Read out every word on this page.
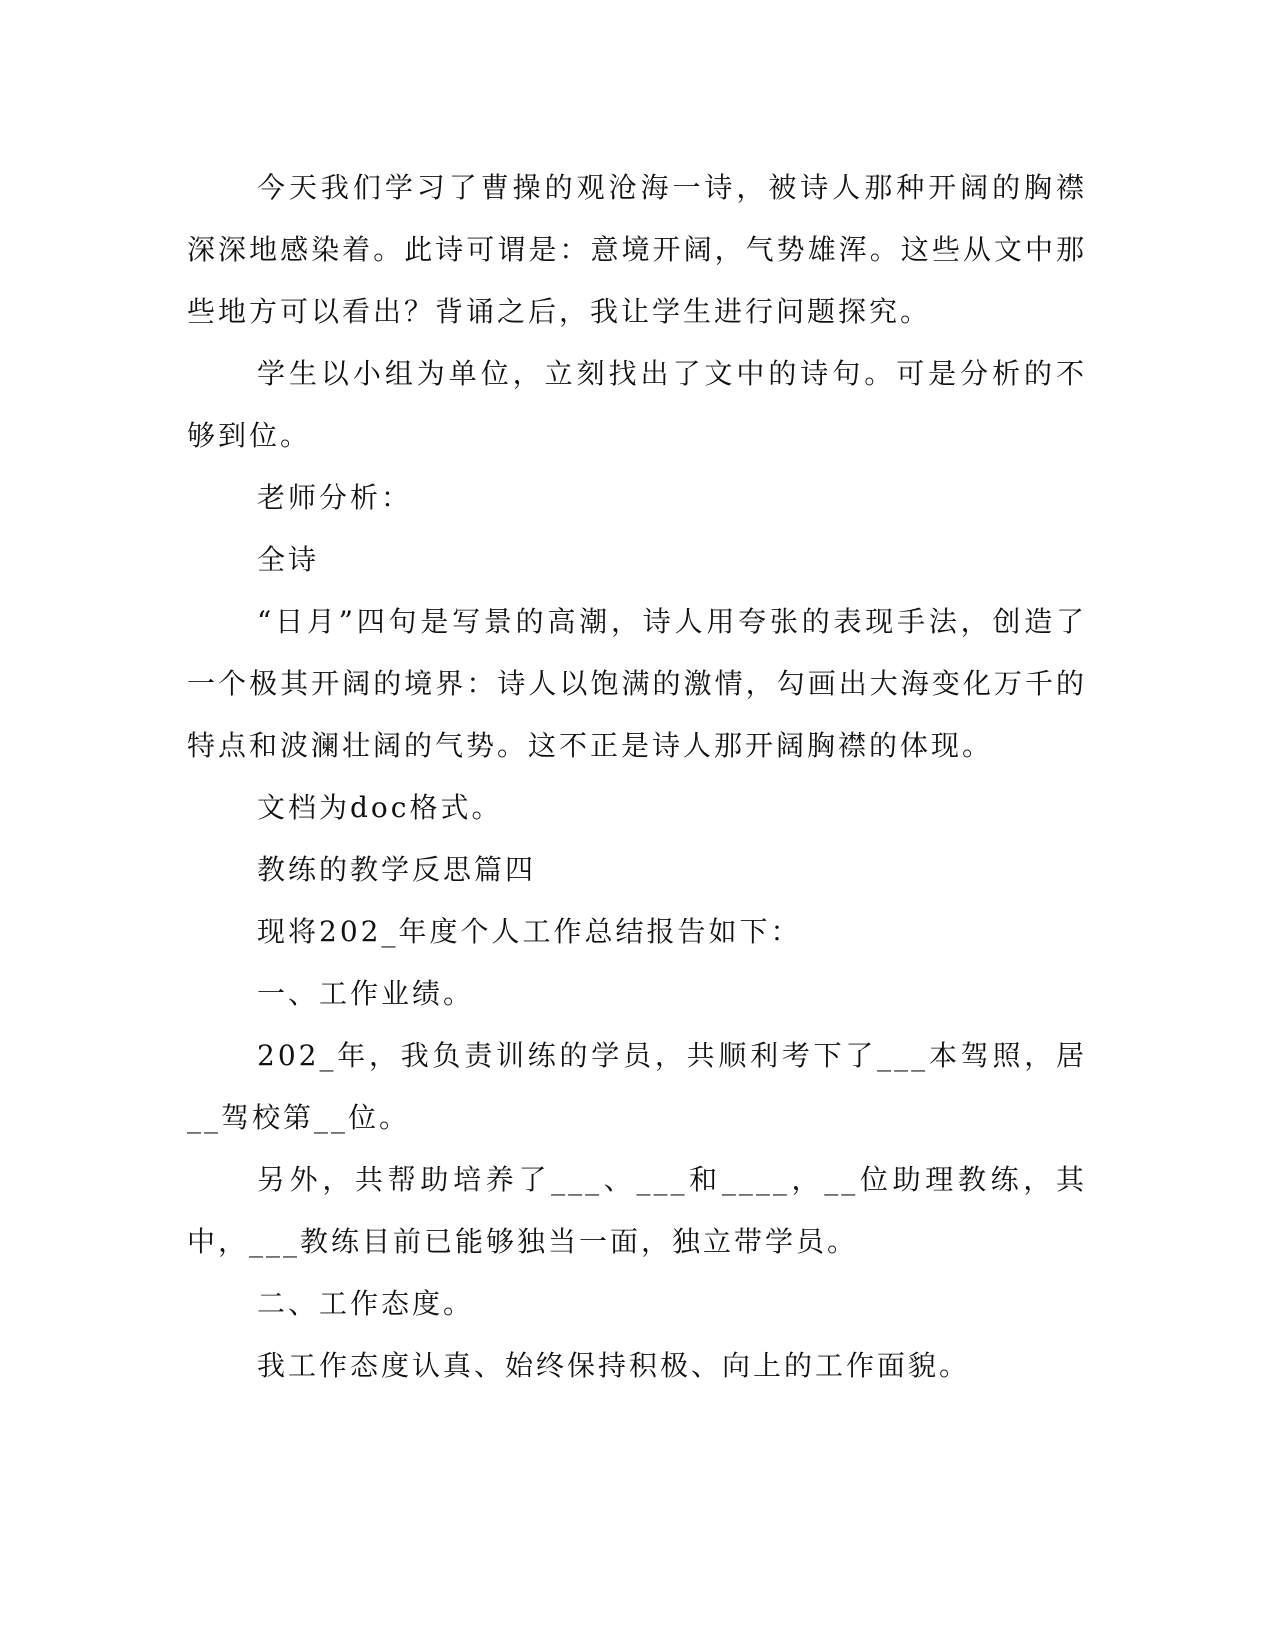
今天我们学习了曹操的观沧海一诗，被诗人那种开阔的胸襟深深地感染着。此诗可谓是：意境开阔，气势雄浑。这些从文中那些地方可以看出？背诵之后，我让学生进行问题探究。

学生以小组为单位，立刻找出了文中的诗句。可是分析的不够到位。

老师分析：

全诗

“日月”四句是写景的高潮，诗人用夸张的表现手法，创造了一个极其开阔的境界：诗人以饱满的激情，勾画出大海变化万千的特点和波澜壮阔的气势。这不正是诗人那开阔胸襟的体现。

文档为doc格式。

教练的教学反思篇四

现将202_年度个人工作总结报告如下：

一、工作业绩。

202_年，我负责训练的学员，共顺利考下了___本驾照，居__驾校第__位。

另外，共帮助培养了___、___和____，__位助理教练，其中，___教练目前已能够独当一面，独立带学员。

二、工作态度。

我工作态度认真、始终保持积极、向上的工作面貌。
